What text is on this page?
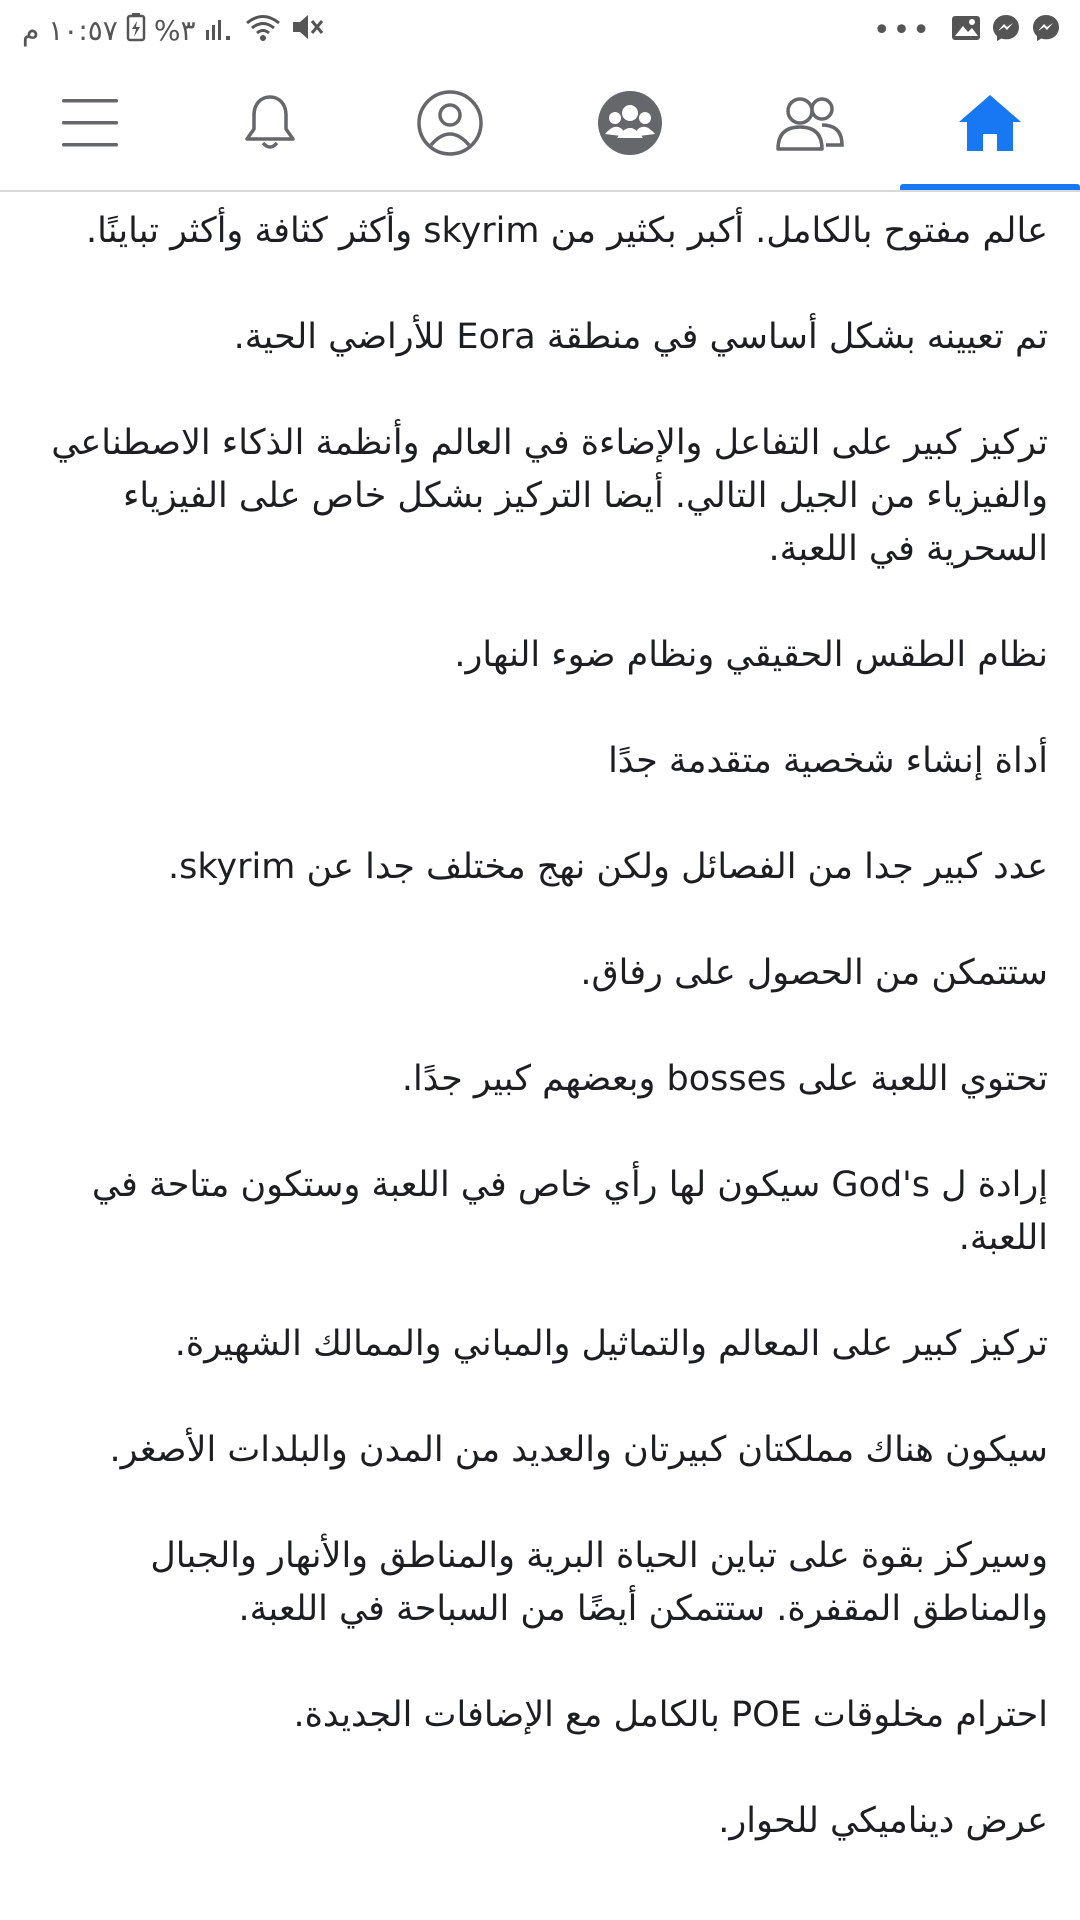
١٠:٥٧ م %٣	•••

عالم مفتوح بالكامل. أكبر بكثير من skyrim وأكثر كثافة وأكثر تباينًا.

تم تعيينه بشكل أساسي في منطقة Eora للأراضي الحية.

تركيز كبير على التفاعل والإضاءة في العالم وأنظمة الذكاء الاصطناعي والفيزياء من الجيل التالي. أيضا التركيز بشكل خاص على الفيزياء السحرية في اللعبة.

نظام الطقس الحقيقي ونظام ضوء النهار.

أداة إنشاء شخصية متقدمة جدًا

عدد كبير جدا من الفصائل ولكن نهج مختلف جدا عن skyrim.

ستتمكن من الحصول على رفاق.

تحتوي اللعبة على bosses وبعضهم كبير جدًا.

إرادة ل God's سيكون لها رأي خاص في اللعبة وستكون متاحة في اللعبة.

تركيز كبير على المعالم والتماثيل والمباني والممالك الشهيرة.

سيكون هناك مملكتان كبيرتان والعديد من المدن والبلدات الأصغر.

وسيركز بقوة على تباين الحياة البرية والمناطق والأنهار والجبال والمناطق المقفرة. ستتمكن أيضًا من السباحة في اللعبة.

احترام مخلوقات POE بالكامل مع الإضافات الجديدة.

عرض ديناميكي للحوار.
